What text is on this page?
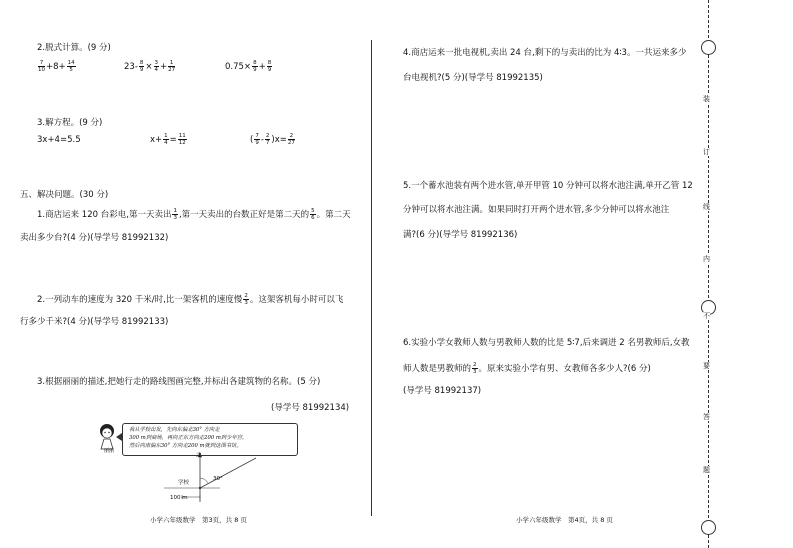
装
订
线
内
不
要
答
题
2.脱式计算。(9 分)
$\frac{7}{10} +8+ \frac{14}{5}$	$23- \frac{8}{9} \times \frac{3}{4} + \frac{1}{27}$	$0.75\times \frac{8}{9} + \frac{8}{9}$
3.解方程。(9 分)
3x+4=5.5	$x+ \frac{1}{4} = \frac{11}{12}$	( $\frac{7}{9} - \frac{2}{7} )x= \frac{2}{27}$
五、解决问题。(30 分)
1.商店运来 120 台彩电,第一天卖出 $\frac{1}{3}$ ,第一天卖出的台数正好是第二天的 $\frac{5}{6}$ 。第二天
卖出多少台?(4 分)(导学号 81992132)
2.一列动车的速度为 320 千米/时,比一架客机的速度慢 $\frac{2}{3}$ 。这架客机每小时可以飞
行多少千米?(4 分)(导学号 81992133)
3.根据丽丽的描述,把她行走的路线图画完整,并标出各建筑物的名称。(5 分)
(导学号 81992134)
丽丽

我从学校出发，先向东偏北30° 方向走

300 m到商场，再向正东方向走200 m到少年宫，

然后向南偏东30° 方向走200 m就到达图书馆。

北
30°
学校
100 m
小学六年级数学　第3页，共 8 页
4.商店运来一批电视机,卖出 24 台,剩下的与卖出的比为 4∶3。一共运来多少
台电视机?(5 分)(导学号 81992135)
5.一个蓄水池装有两个进水管,单开甲管 10 分钟可以将水池注满,单开乙管 12
分钟可以将水池注满。如果同时打开两个进水管,多少分钟可以将水池注
满?(6 分)(导学号 81992136)
6.实验小学女教师人数与男教师人数的比是 5∶7,后来调进 2 名男教师后,女教
师人数是男教师的 $\frac{2}{3}$ 。原来实验小学有男、女教师各多少人?(6 分)
(导学号 81992137)
小学六年级数学　第4页，共 8 页
